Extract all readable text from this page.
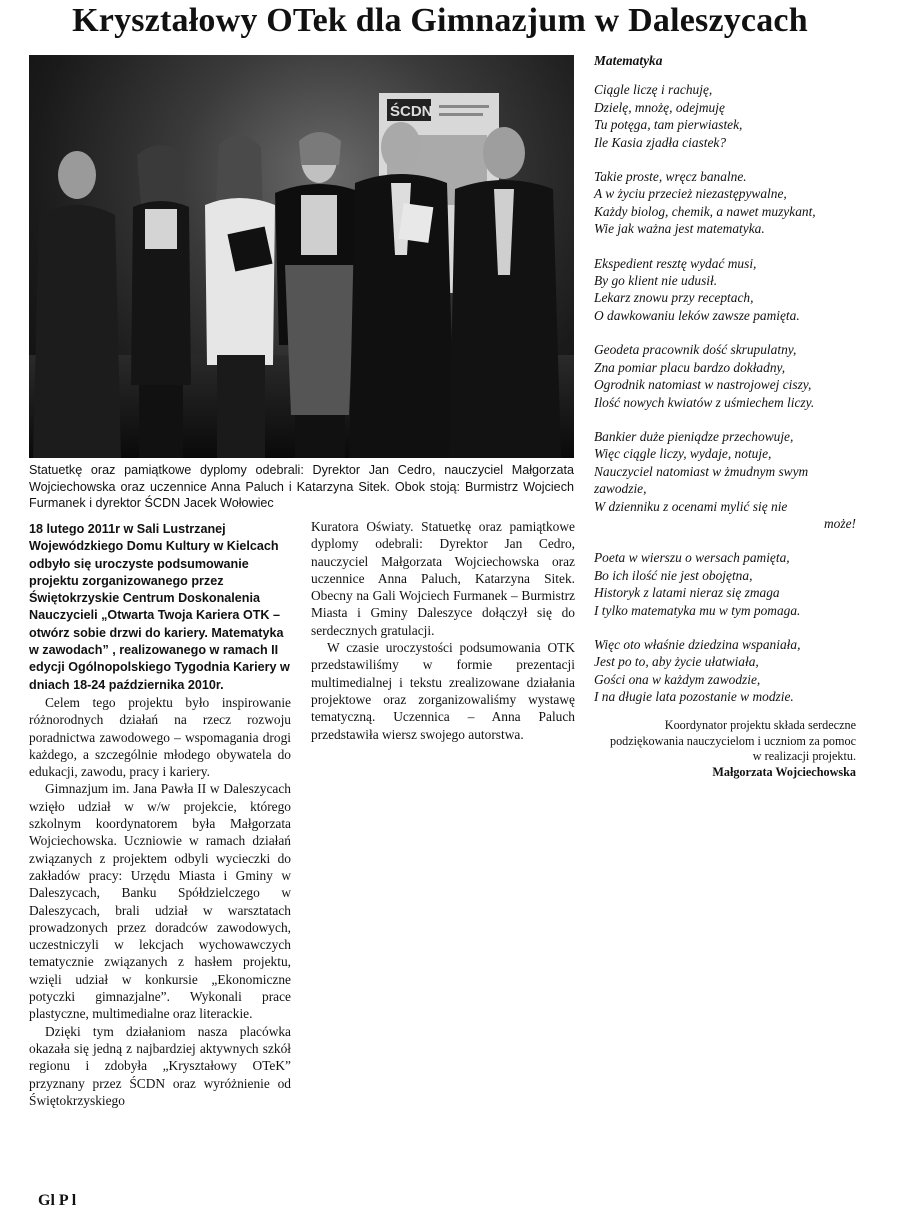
Kryształowy OTek dla Gimnazjum w Daleszycach
ŚCDN
Statuetkę oraz pamiątkowe dyplomy odebrali: Dyrektor Jan Cedro, nauczyciel Małgorzata Wojciechowska oraz uczennice Anna Paluch i Katarzyna Sitek. Obok stoją: Burmistrz Wojciech Furmanek i dyrektor ŚCDN Jacek Wołowiec

18 lutego 2011r w Sali Lustrzanej Wojewódzkiego Domu Kultury w Kielcach odbyło się uroczyste podsumowanie projektu zorganizowanego przez Świętokrzyskie Centrum Doskonalenia Nauczycieli „Otwarta Twoja Kariera OTK – otwórz sobie drzwi do kariery. Matematyka w zawodach” , realizowanego w ramach II edycji Ogólnopolskiego Tygodnia Kariery w dniach 18-24 października 2010r.

Celem tego projektu było inspirowanie różnorodnych działań na rzecz rozwoju poradnictwa zawodowego – wspomagania drogi każdego, a szczególnie młodego obywatela do edukacji, zawodu, pracy i kariery.

Gimnazjum im. Jana Pawła II w Daleszycach wzięło udział w w/w projekcie, którego szkolnym koordynatorem była Małgorzata Wojciechowska. Uczniowie w ramach działań związanych z projektem odbyli wycieczki do zakładów pracy: Urzędu Miasta i Gminy w Daleszycach, Banku Spółdzielczego w Daleszycach, brali udział w warsztatach prowadzonych przez doradców zawodowych, uczestniczyli w lekcjach wychowawczych tematycznie związanych z hasłem projektu, wzięli udział w konkursie „Ekonomiczne potyczki gimnazjalne”. Wykonali prace plastyczne, multimedialne oraz literackie.

Dzięki tym działaniom nasza placówka okazała się jedną z najbardziej aktywnych szkół regionu i zdobyła „Kryształowy OTeK” przyznany przez ŚCDN oraz wyróżnienie od Świętokrzyskiego

Kuratora Oświaty. Statuetkę oraz pamiątkowe dyplomy odebrali: Dyrektor Jan Cedro, nauczyciel Małgorzata Wojciechowska oraz uczennice Anna Paluch, Katarzyna Sitek. Obecny na Gali Wojciech Furmanek – Burmistrz Miasta i Gminy Daleszyce dołączył się do serdecznych gratulacji.

W czasie uroczystości podsumowania OTK przedstawiliśmy w formie prezentacji multimedialnej i tekstu zrealizowane działania projektowe oraz zorganizowaliśmy wystawę tematyczną. Uczennica – Anna Paluch przedstawiła wiersz swojego autorstwa.

Matematyka
Ciągle liczę i rachuję,
Dzielę, mnożę, odejmuję
Tu potęga, tam pierwiastek,
Ile Kasia zjadła ciastek?
Takie proste, wręcz banalne.
A w życiu przecież niezastępywalne,
Każdy biolog, chemik, a nawet muzykant,
Wie jak ważna jest matematyka.
Ekspedient resztę wydać musi,
By go klient nie udusił.
Lekarz znowu przy receptach,
O dawkowaniu leków zawsze pamięta.
Geodeta pracownik dość skrupulatny,
Zna pomiar placu bardzo dokładny,
Ogrodnik natomiast w nastrojowej ciszy,
Ilość nowych kwiatów z uśmiechem liczy.
Bankier duże pieniądze przechowuje,
Więc ciągle liczy, wydaje, notuje,
Nauczyciel natomiast w żmudnym swym
zawodzie,
W dzienniku z ocenami mylić się nie
może!
Poeta w wierszu o wersach pamięta,
Bo ich ilość nie jest obojętna,
Historyk z latami nieraz się zmaga
I tylko matematyka mu w tym pomaga.
Więc oto właśnie dziedzina wspaniała,
Jest po to, aby życie ułatwiała,
Gości ona w każdym zawodzie,
I na długie lata pozostanie w modzie.
Koordynator projektu składa serdeczne podziękowania nauczycielom i uczniom za pomoc w realizacji projektu.
Małgorzata Wojciechowska
Gl P l
